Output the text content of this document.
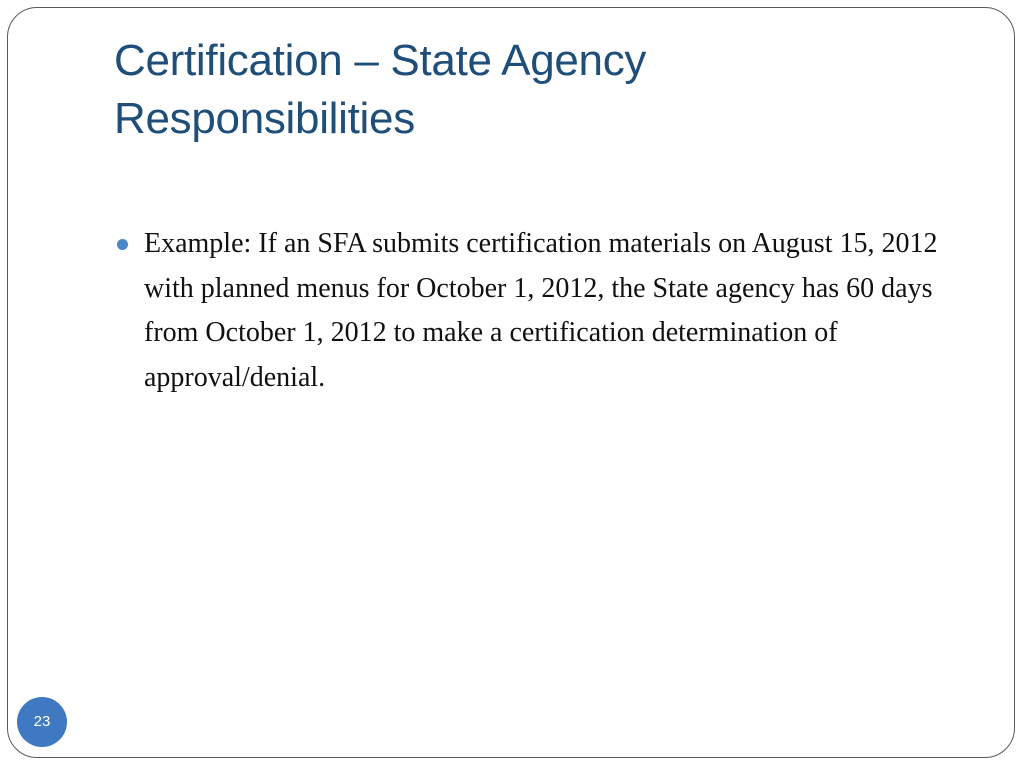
Certification – State Agency
Responsibilities
Example: If an SFA submits certification materials on August 15, 2012 with planned menus for October 1, 2012, the State agency has 60 days from October 1, 2012 to make a certification determination of approval/denial.
23
